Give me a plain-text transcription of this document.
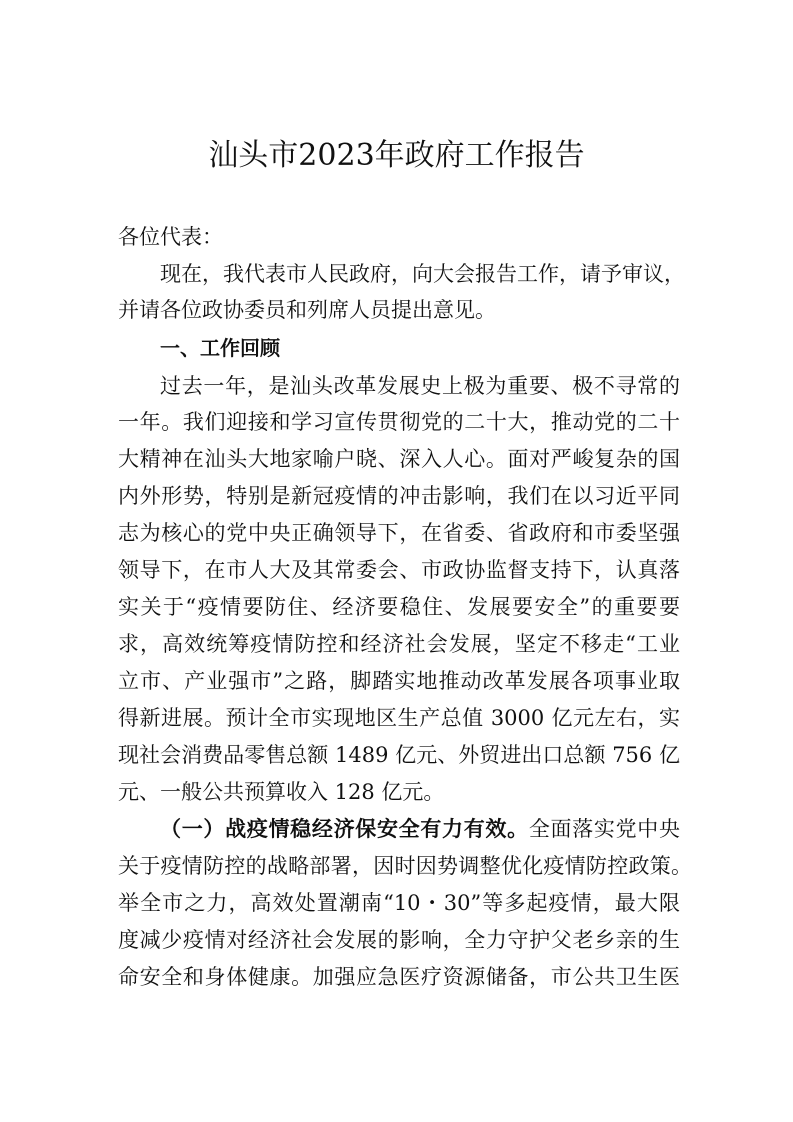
汕头市2023年政府工作报告
各位代表：
现在，我代表市人民政府，向大会报告工作，请予审议，
并请各位政协委员和列席人员提出意见。
一、工作回顾
过去一年，是汕头改革发展史上极为重要、极不寻常的
一年。我们迎接和学习宣传贯彻党的二十大，推动党的二十
大精神在汕头大地家喻户晓、深入人心。面对严峻复杂的国
内外形势，特别是新冠疫情的冲击影响，我们在以习近平同
志为核心的党中央正确领导下，在省委、省政府和市委坚强
领导下，在市人大及其常委会、市政协监督支持下，认真落
实关于“疫情要防住、经济要稳住、发展要安全”的重要要
求，高效统筹疫情防控和经济社会发展，坚定不移走“工业
立市、产业强市”之路，脚踏实地推动改革发展各项事业取
得新进展。预计全市实现地区生产总值 3000 亿元左右，实
现社会消费品零售总额 1489 亿元、外贸进出口总额 756 亿
元、一般公共预算收入 128 亿元。
（一）战疫情稳经济保安全有力有效。全面落实党中央
关于疫情防控的战略部署，因时因势调整优化疫情防控政策。
举全市之力，高效处置潮南“10・30”等多起疫情，最大限
度减少疫情对经济社会发展的影响，全力守护父老乡亲的生
命安全和身体健康。加强应急医疗资源储备，市公共卫生医
